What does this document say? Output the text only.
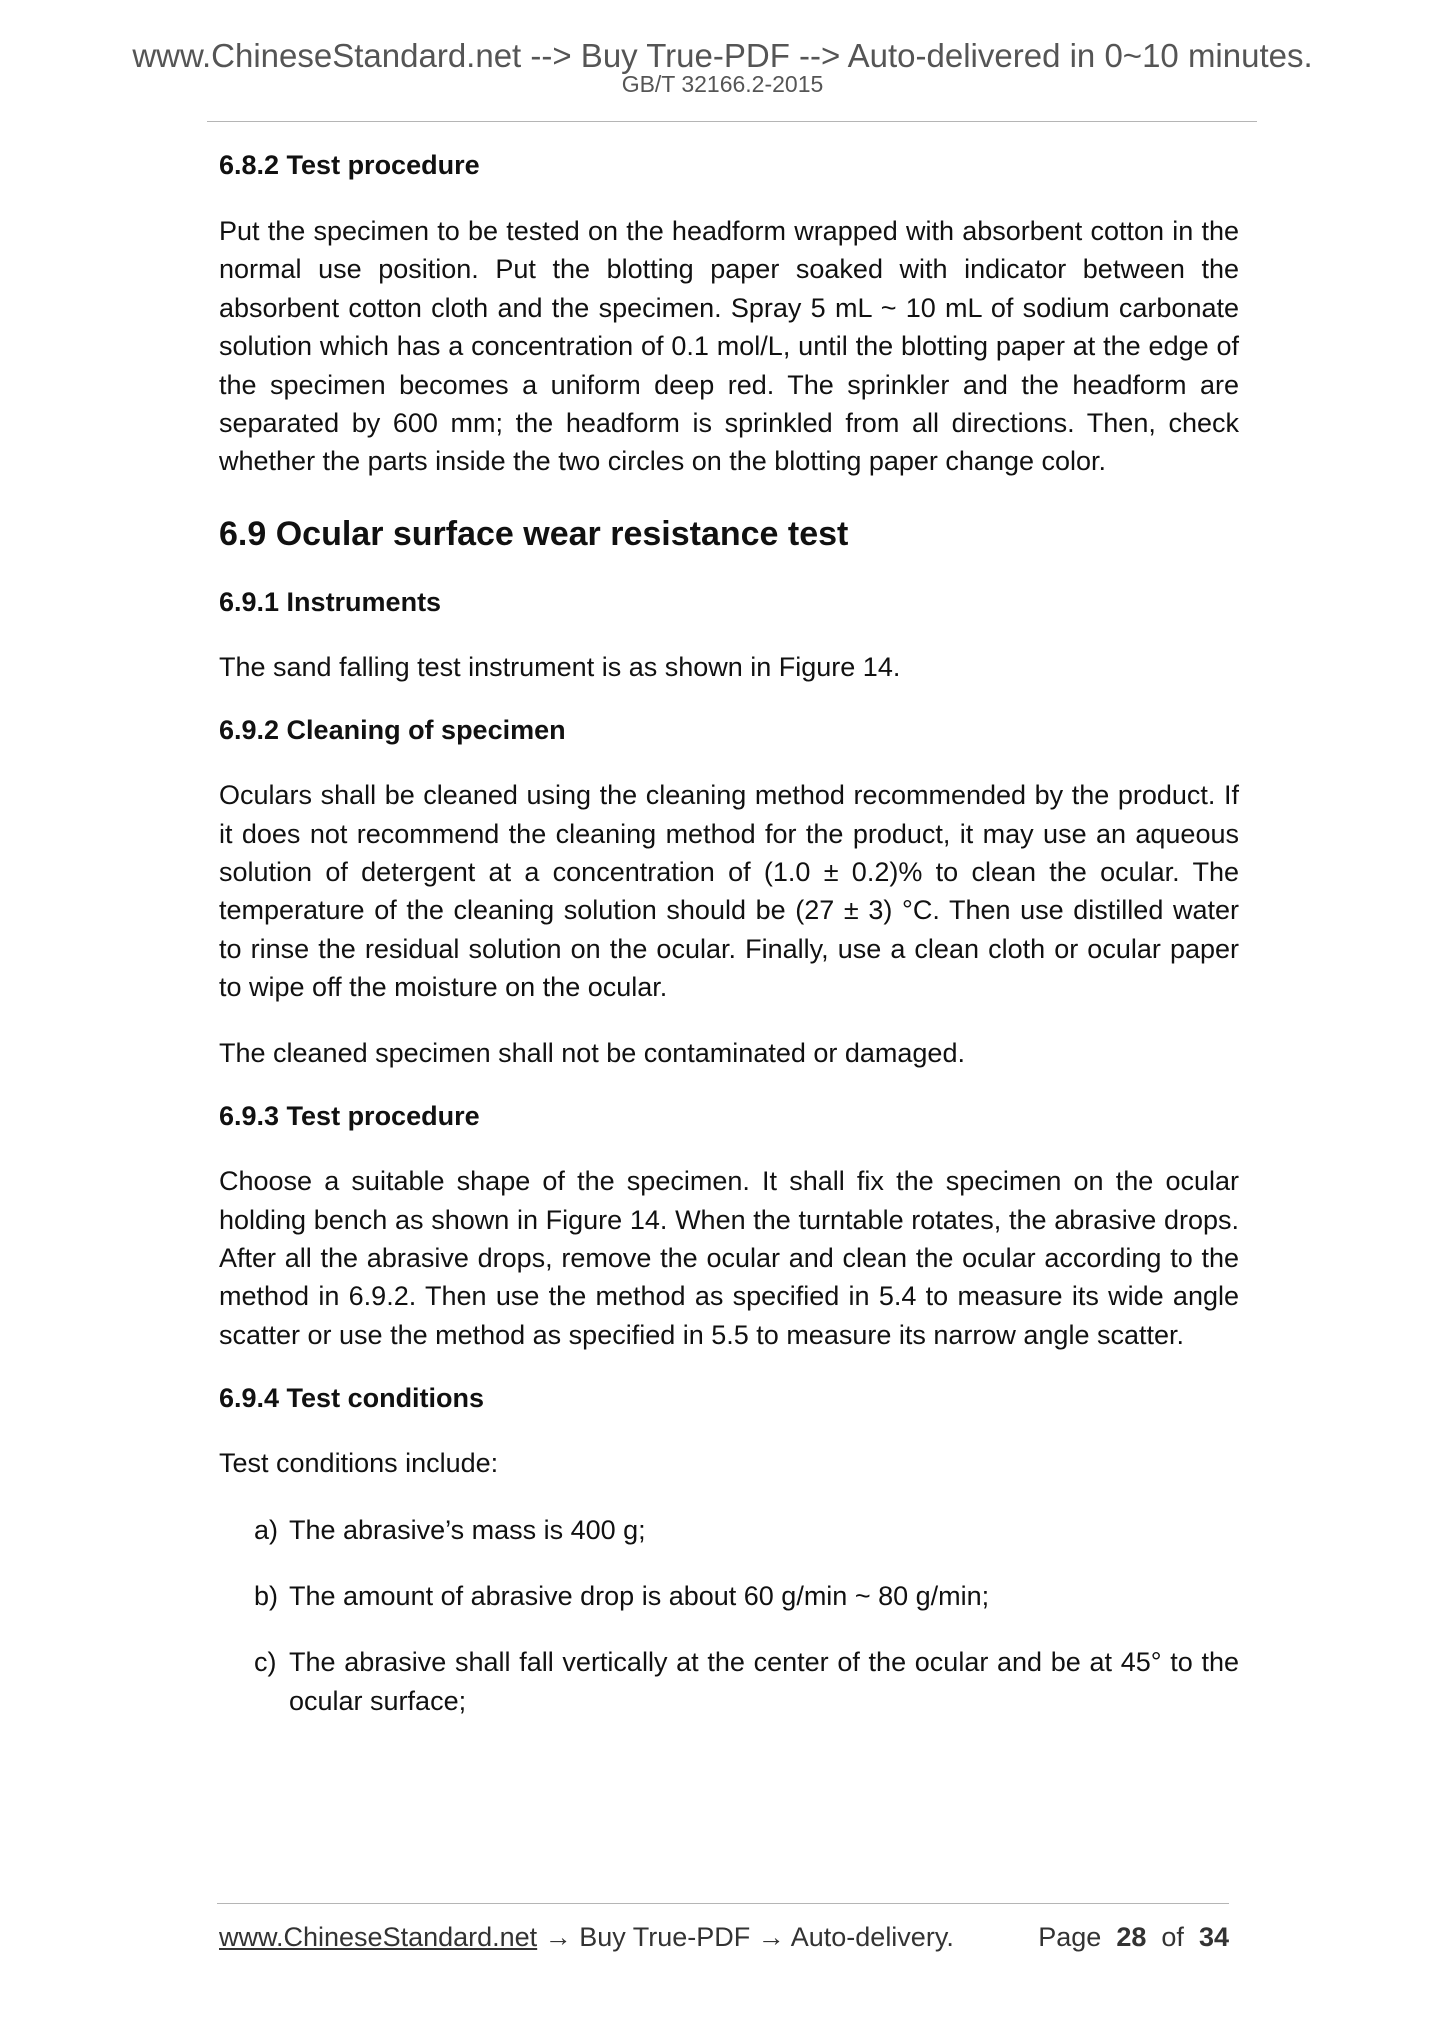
www.ChineseStandard.net --> Buy True-PDF --> Auto-delivered in 0~10 minutes.
GB/T 32166.2-2015
6.8.2 Test procedure

Put the specimen to be tested on the headform wrapped with absorbent cotton in the normal use position. Put the blotting paper soaked with indicator between the absorbent cotton cloth and the specimen. Spray 5 mL ~ 10 mL of sodium carbonate solution which has a concentration of 0.1 mol/L, until the blotting paper at the edge of the specimen becomes a uniform deep red. The sprinkler and the headform are separated by 600 mm; the headform is sprinkled from all directions. Then, check whether the parts inside the two circles on the blotting paper change color.

6.9 Ocular surface wear resistance test
6.9.1 Instruments

The sand falling test instrument is as shown in Figure 14.

6.9.2 Cleaning of specimen

Oculars shall be cleaned using the cleaning method recommended by the product. If it does not recommend the cleaning method for the product, it may use an aqueous solution of detergent at a concentration of (1.0 ± 0.2)% to clean the ocular. The temperature of the cleaning solution should be (27 ± 3) °C. Then use distilled water to rinse the residual solution on the ocular. Finally, use a clean cloth or ocular paper to wipe off the moisture on the ocular.

The cleaned specimen shall not be contaminated or damaged.

6.9.3 Test procedure

Choose a suitable shape of the specimen. It shall fix the specimen on the ocular holding bench as shown in Figure 14. When the turntable rotates, the abrasive drops. After all the abrasive drops, remove the ocular and clean the ocular according to the method in 6.9.2. Then use the method as specified in 5.4 to measure its wide angle scatter or use the method as specified in 5.5 to measure its narrow angle scatter.

6.9.4 Test conditions

Test conditions include:

a) The abrasive’s mass is 400 g;
b) The amount of abrasive drop is about 60 g/min ~ 80 g/min;
c) The abrasive shall fall vertically at the center of the ocular and be at 45° to the ocular surface;
www.ChineseStandard.net → Buy True-PDF → Auto-delivery.	Page 28 of 34
